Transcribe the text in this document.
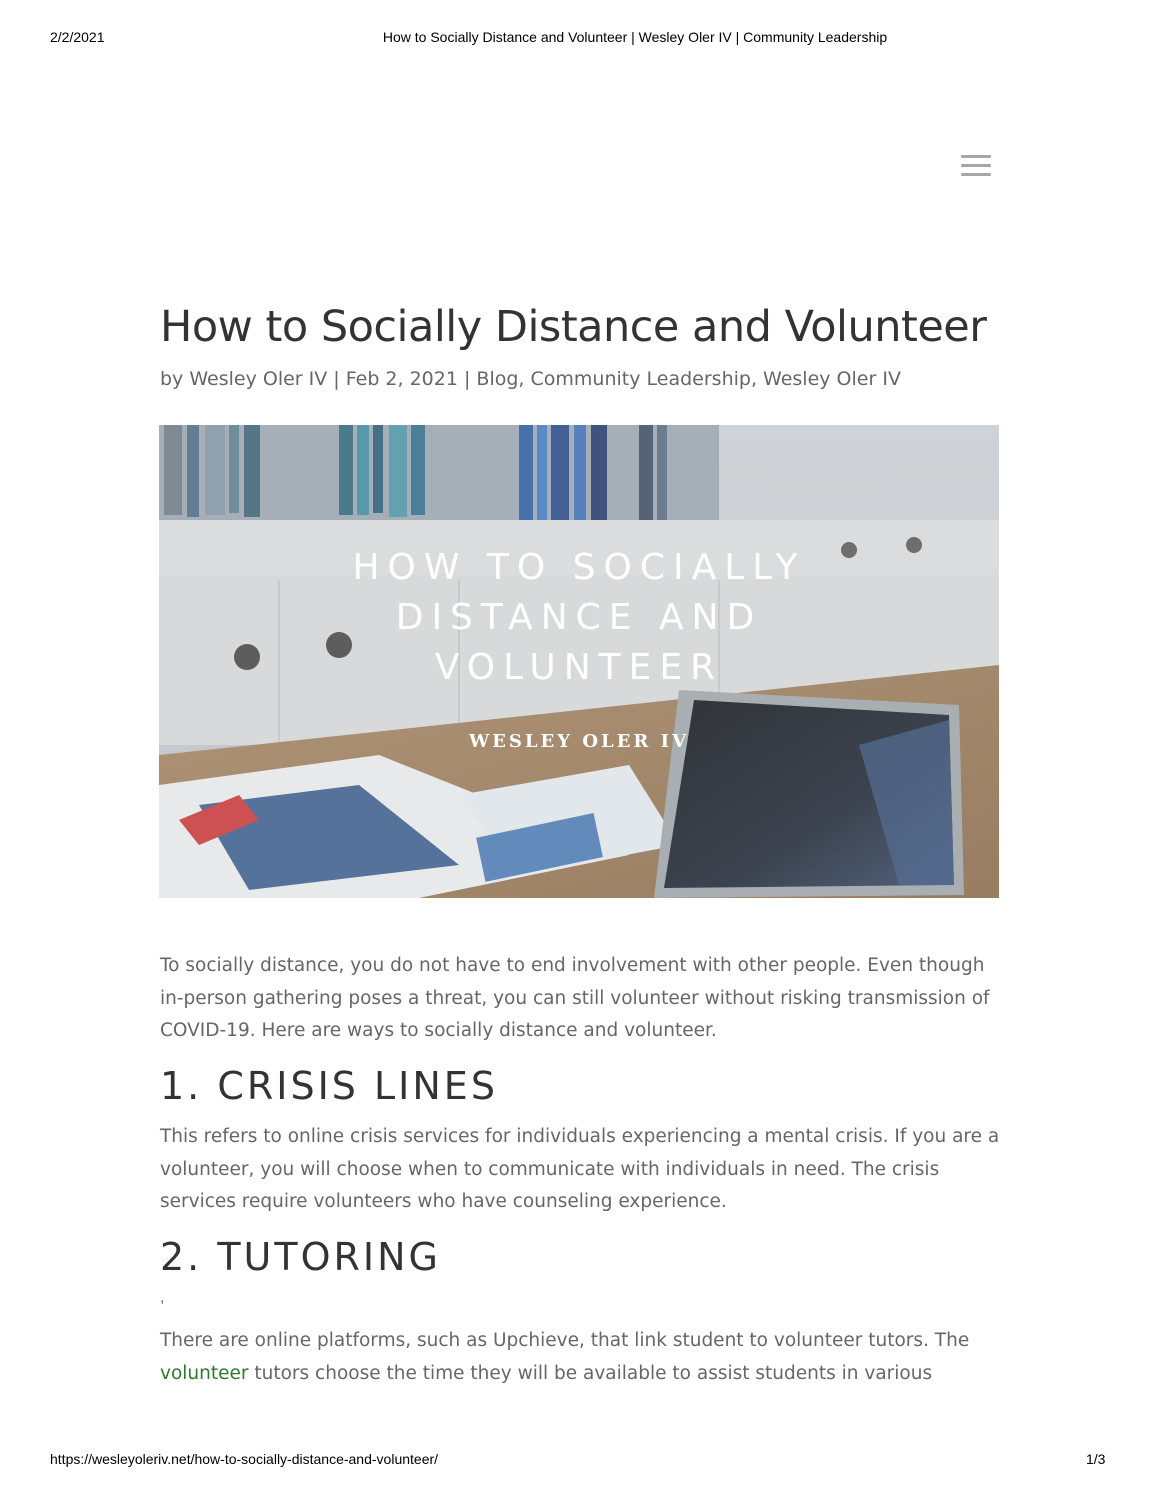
2/2/2021	How to Socially Distance and Volunteer | Wesley Oler IV | Community Leadership
How to Socially Distance and Volunteer
by Wesley Oler IV | Feb 2, 2021 | Blog, Community Leadership, Wesley Oler IV

To socially distance, you do not have to end involvement with other people. Even though in-person gathering poses a threat, you can still volunteer without risking transmission of COVID-19. Here are ways to socially distance and volunteer.

1. CRISIS LINES

This refers to online crisis services for individuals experiencing a mental crisis. If you are a volunteer, you will choose when to communicate with individuals in need. The crisis services require volunteers who have counseling experience.

2. TUTORING
,

There are online platforms, such as Upchieve, that link student to volunteer tutors. The volunteer tutors choose the time they will be available to assist students in various

HOW TO SOCIALLY
DISTANCE AND
VOLUNTEER
WESLEY OLER IV
https://wesleyoleriv.net/how-to-socially-distance-and-volunteer/	1/3
